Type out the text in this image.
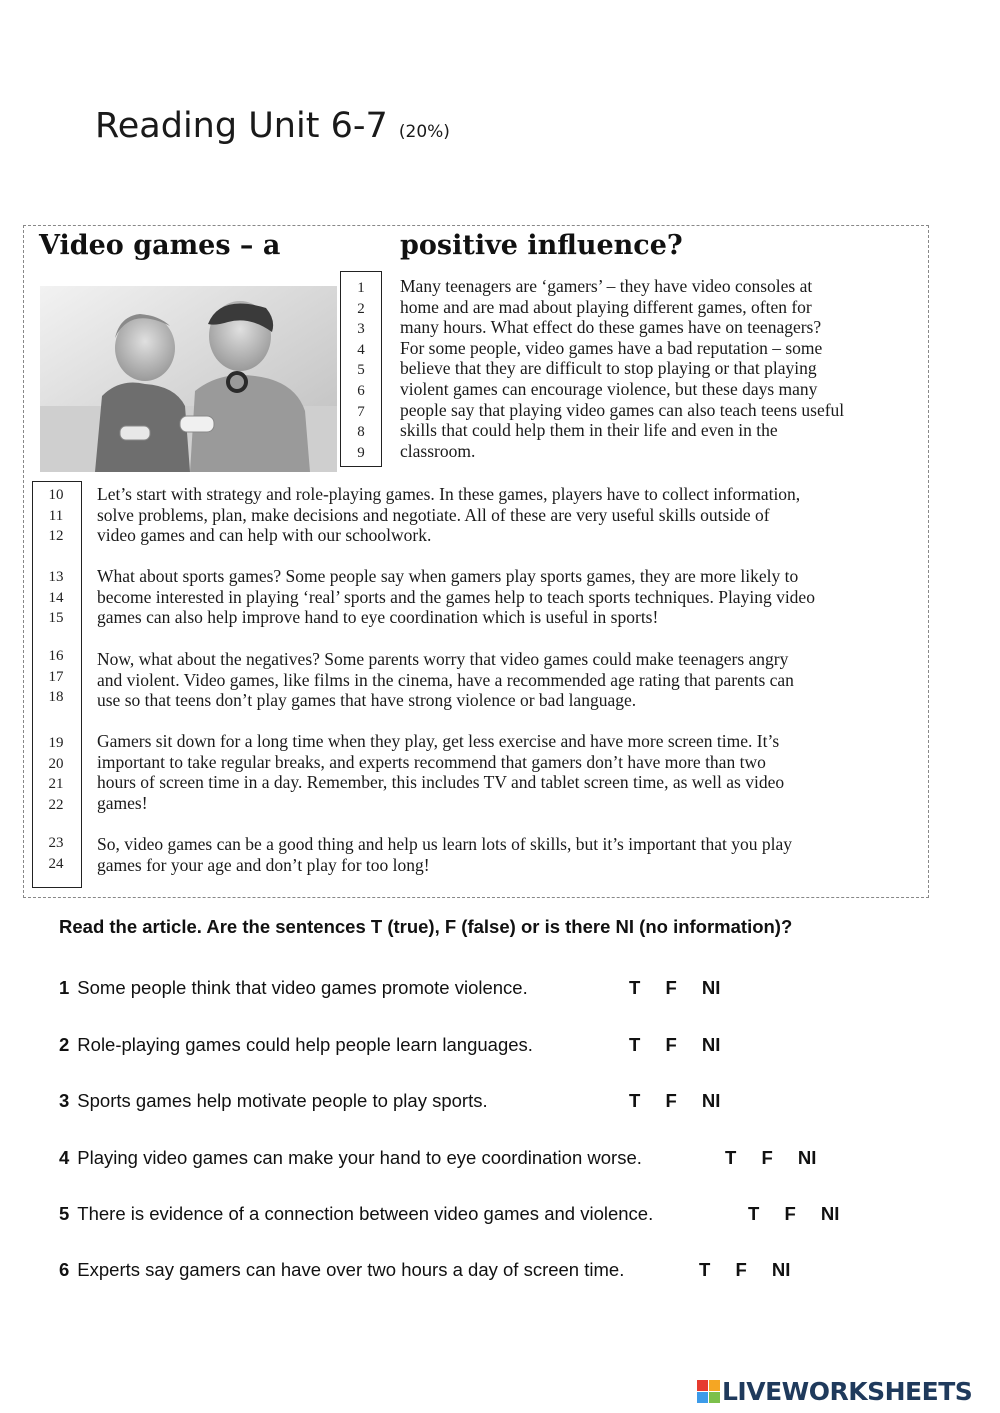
Reading Unit 6-7 (20%)
Video games – a	positive influence?
1
2
3
4
5
6
7
8
9
Many teenagers are ‘gamers’ – they have video consoles at
home and are mad about playing different games, often for
many hours. What effect do these games have on teenagers?
For some people, video games have a bad reputation – some
believe that they are difficult to stop playing or that playing
violent games can encourage violence, but these days many
people say that playing video games can also teach teens useful
skills that could help them in their life and even in the
classroom.
10
11
12
Let’s start with strategy and role-playing games. In these games, players have to collect information,
solve problems, plan, make decisions and negotiate. All of these are very useful skills outside of
video games and can help with our schoolwork.
13
14
15
What about sports games? Some people say when gamers play sports games, they are more likely to
become interested in playing ‘real’ sports and the games help to teach sports techniques. Playing video
games can also help improve hand to eye coordination which is useful in sports!
16
17
18
Now, what about the negatives? Some parents worry that video games could make teenagers angry
and violent. Video games, like films in the cinema, have a recommended age rating that parents can
use so that teens don’t play games that have strong violence or bad language.
19
20
21
22
Gamers sit down for a long time when they play, get less exercise and have more screen time. It’s
important to take regular breaks, and experts recommend that gamers don’t have more than two
hours of screen time in a day. Remember, this includes TV and tablet screen time, as well as video
games!
23
24
So, video games can be a good thing and help us learn lots of skills, but it’s important that you play
games for your age and don’t play for too long!
Read the article. Are the sentences T (true), F (false) or is there NI (no information)?
1 Some people think that video games promote violence.	T F NI
2 Role-playing games could help people learn languages.	T F NI
3 Sports games help motivate people to play sports.	T F NI
4 Playing video games can make your hand to eye coordination worse.	T F NI
5 There is evidence of a connection between video games and violence.	T F NI
6 Experts say gamers can have over two hours a day of screen time.	T F NI
LIVEWORKSHEETS
